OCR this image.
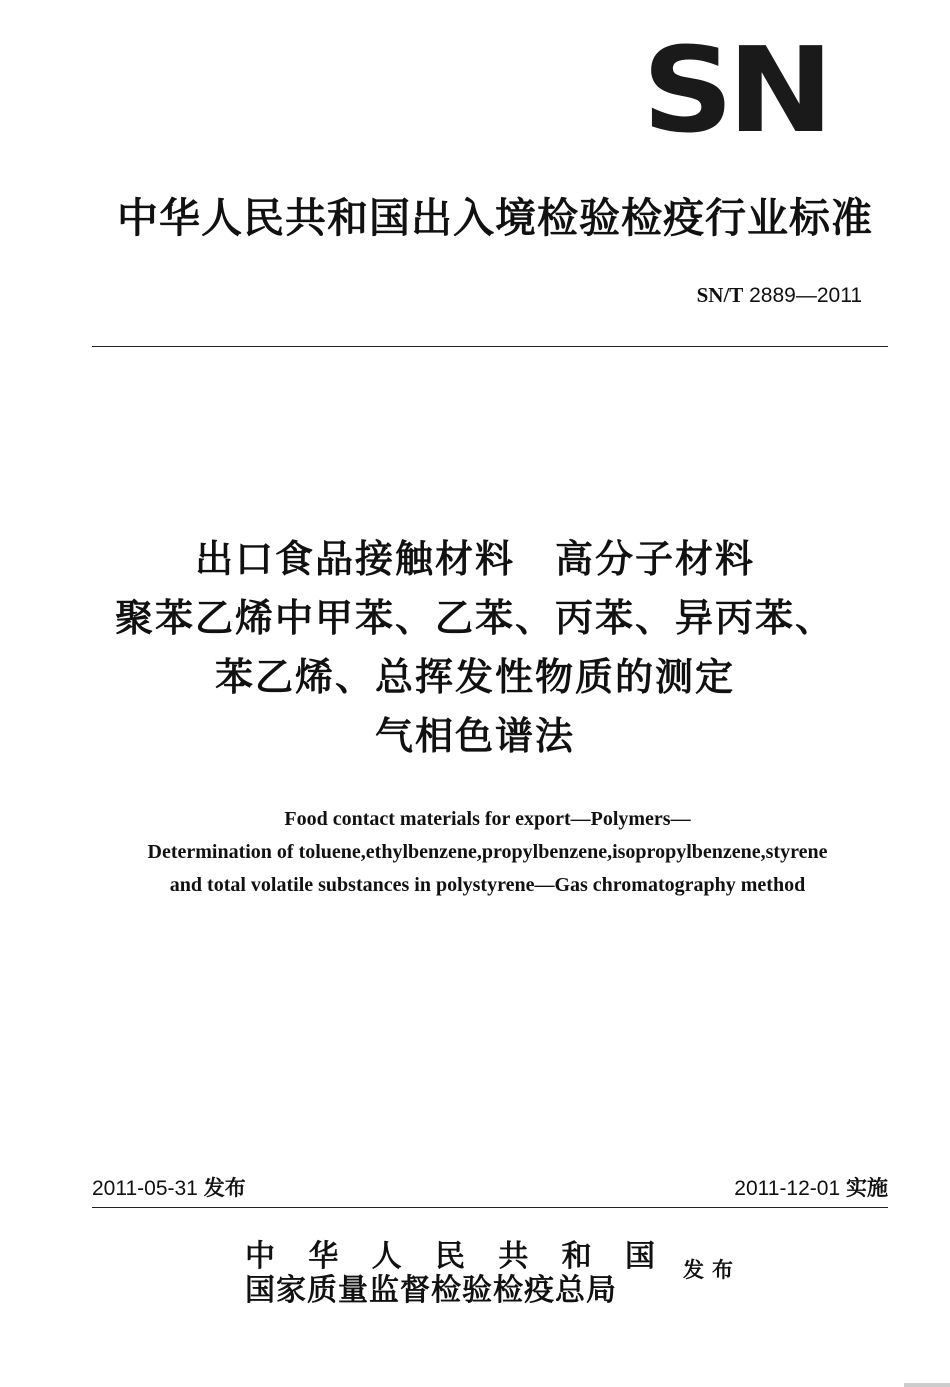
SN
中华人民共和国出入境检验检疫行业标准
SN/T 2889—2011
出口食品接触材料　高分子材料
聚苯乙烯中甲苯、乙苯、丙苯、异丙苯、
苯乙烯、总挥发性物质的测定
气相色谱法
Food contact materials for export—Polymers—
Determination of toluene,ethylbenzene,propylbenzene,isopropylbenzene,styrene
and total volatile substances in polystyrene—Gas chromatography method
2011-05-31 发布	2011-12-01 实施
中 华 人 民 共 和 国
国家质量监督检验检疫总局
发布
